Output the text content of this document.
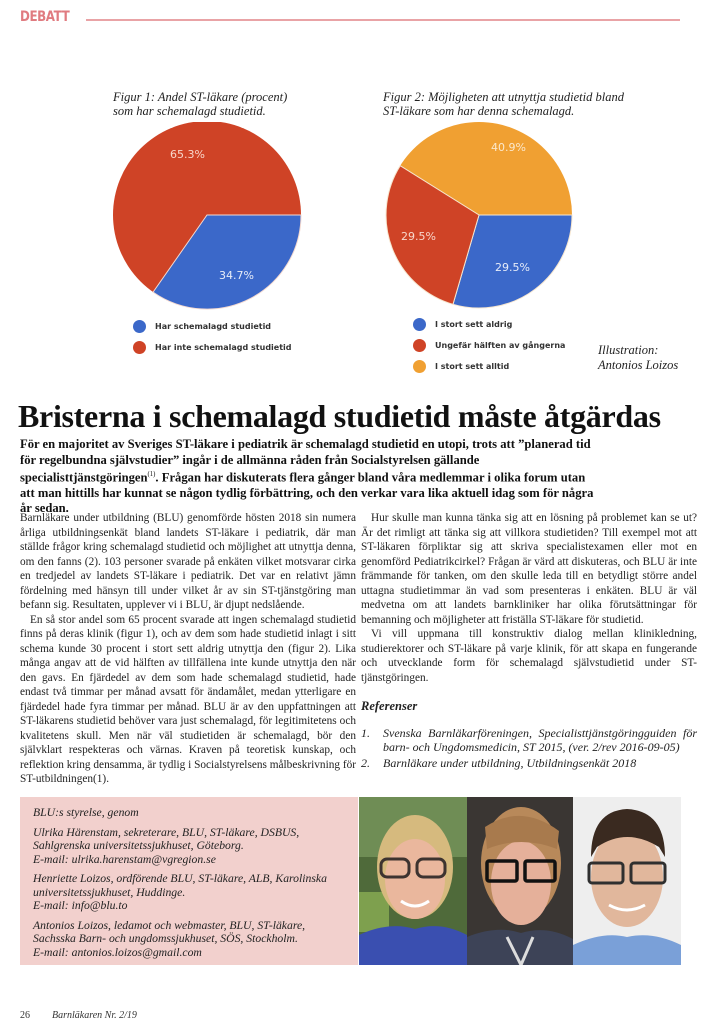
DEBATT
Figur 1: Andel ST-läkare (procent)
som har schemalagd studietid.
65.3%
34.7%
Har schemalagd studietid
Har inte schemalagd studietid
Figur 2: Möjligheten att utnyttja studietid bland
ST-läkare som har denna schemalagd.
40.9%
29.5%
29.5%
I stort sett aldrig
Ungefär hälften av gångerna
I stort sett alltid
Illustration:
Antonios Loizos
Bristerna i schemalagd studietid måste åtgärdas
För en majoritet av Sveriges ST-läkare i pediatrik är schemalagd studietid en utopi, trots att ”planerad tid för regelbundna självstudier” ingår i de allmänna råden från Socialstyrelsen gällande specialisttjänstgöringen$^{(1)}$. Frågan har diskuterats flera gånger bland våra medlemmar i olika forum utan att man hittills har kunnat se någon tydlig förbättring, och den verkar vara lika aktuell idag som för några år sedan.

Barnläkare under utbildning (BLU) genomförde hösten 2018 sin numera årliga utbildningsenkät bland landets ST-läkare i pediatrik, där man ställde frågor kring schemalagd studietid och möjlighet att utnyttja denna, om den fanns (2). 103 personer svarade på enkäten vilket motsvarar cirka en tredjedel av landets ST-läkare i pediatrik. Det var en relativt jämn fördelning med hänsyn till under vilket år av sin ST-tjänstgöring man befann sig. Resultaten, upplever vi i BLU, är djupt nedslående.

En så stor andel som 65 procent svarade att ingen schemalagd studietid finns på deras klinik (figur 1), och av dem som hade studietid inlagt i sitt schema kunde 30 procent i stort sett aldrig utnyttja den (figur 2). Lika många angav att de vid hälften av tillfällena inte kunde utnyttja den när den gavs. En fjärdedel av dem som hade schemalagd studietid, hade endast två timmar per månad avsatt för ändamålet, medan ytterligare en fjärdedel hade fyra timmar per månad. BLU är av den uppfattningen att ST-läkarens studietid behöver vara just schemalagd, för legitimitetens och kvalitetens skull. Men när väl studietiden är schemalagd, bör den självklart respekteras och värnas. Kraven på teoretisk kunskap, och reflektion kring densamma, är tydlig i Socialstyrelsens målbeskrivning för ST-utbildningen(1).

Hur skulle man kunna tänka sig att en lösning på problemet kan se ut? Är det rimligt att tänka sig att villkora studietiden? Till exempel mot att ST-läkaren förpliktar sig att skriva specialistexamen eller mot en genomförd Pediatrikcirkel? Frågan är värd att diskuteras, och BLU är inte främmande för tanken, om den skulle leda till en betydligt större andel uttagna studietimmar än vad som presenteras i enkäten. BLU är väl medvetna om att landets barnkliniker har olika förutsättningar för bemanning och möjligheter att friställa ST-läkare för studietid.

Vi vill uppmana till konstruktiv dialog mellan klinikledning, studierektorer och ST-läkare på varje klinik, för att skapa en fungerande och utvecklande form för schemalagd självstudietid under ST-tjänstgöringen.

Referenser
1.	Svenska Barnläkarföreningen, Specialisttjänstgöringguiden för barn- och Ungdomsmedicin, ST 2015, (ver. 2/rev 2016-09-05)
2.	Barnläkare under utbildning, Utbildningsenkät 2018
BLU:s styrelse, genom
Ulrika Härenstam, sekreterare, BLU, ST-läkare, DSBUS,
Sahlgrenska universitetssjukhuset, Göteborg.
E-mail: ulrika.harenstam@vgregion.se
Henriette Loizos, ordförende BLU, ST-läkare, ALB, Karolinska
universitetssjukhuset, Huddinge.
E-mail: info@blu.to
Antonios Loizos, ledamot och webmaster, BLU, ST-läkare,
Sachsska Barn- och ungdomssjukhuset, SÖS, Stockholm.
E-mail: antonios.loizos@gmail.com
26 Barnläkaren Nr. 2/19
